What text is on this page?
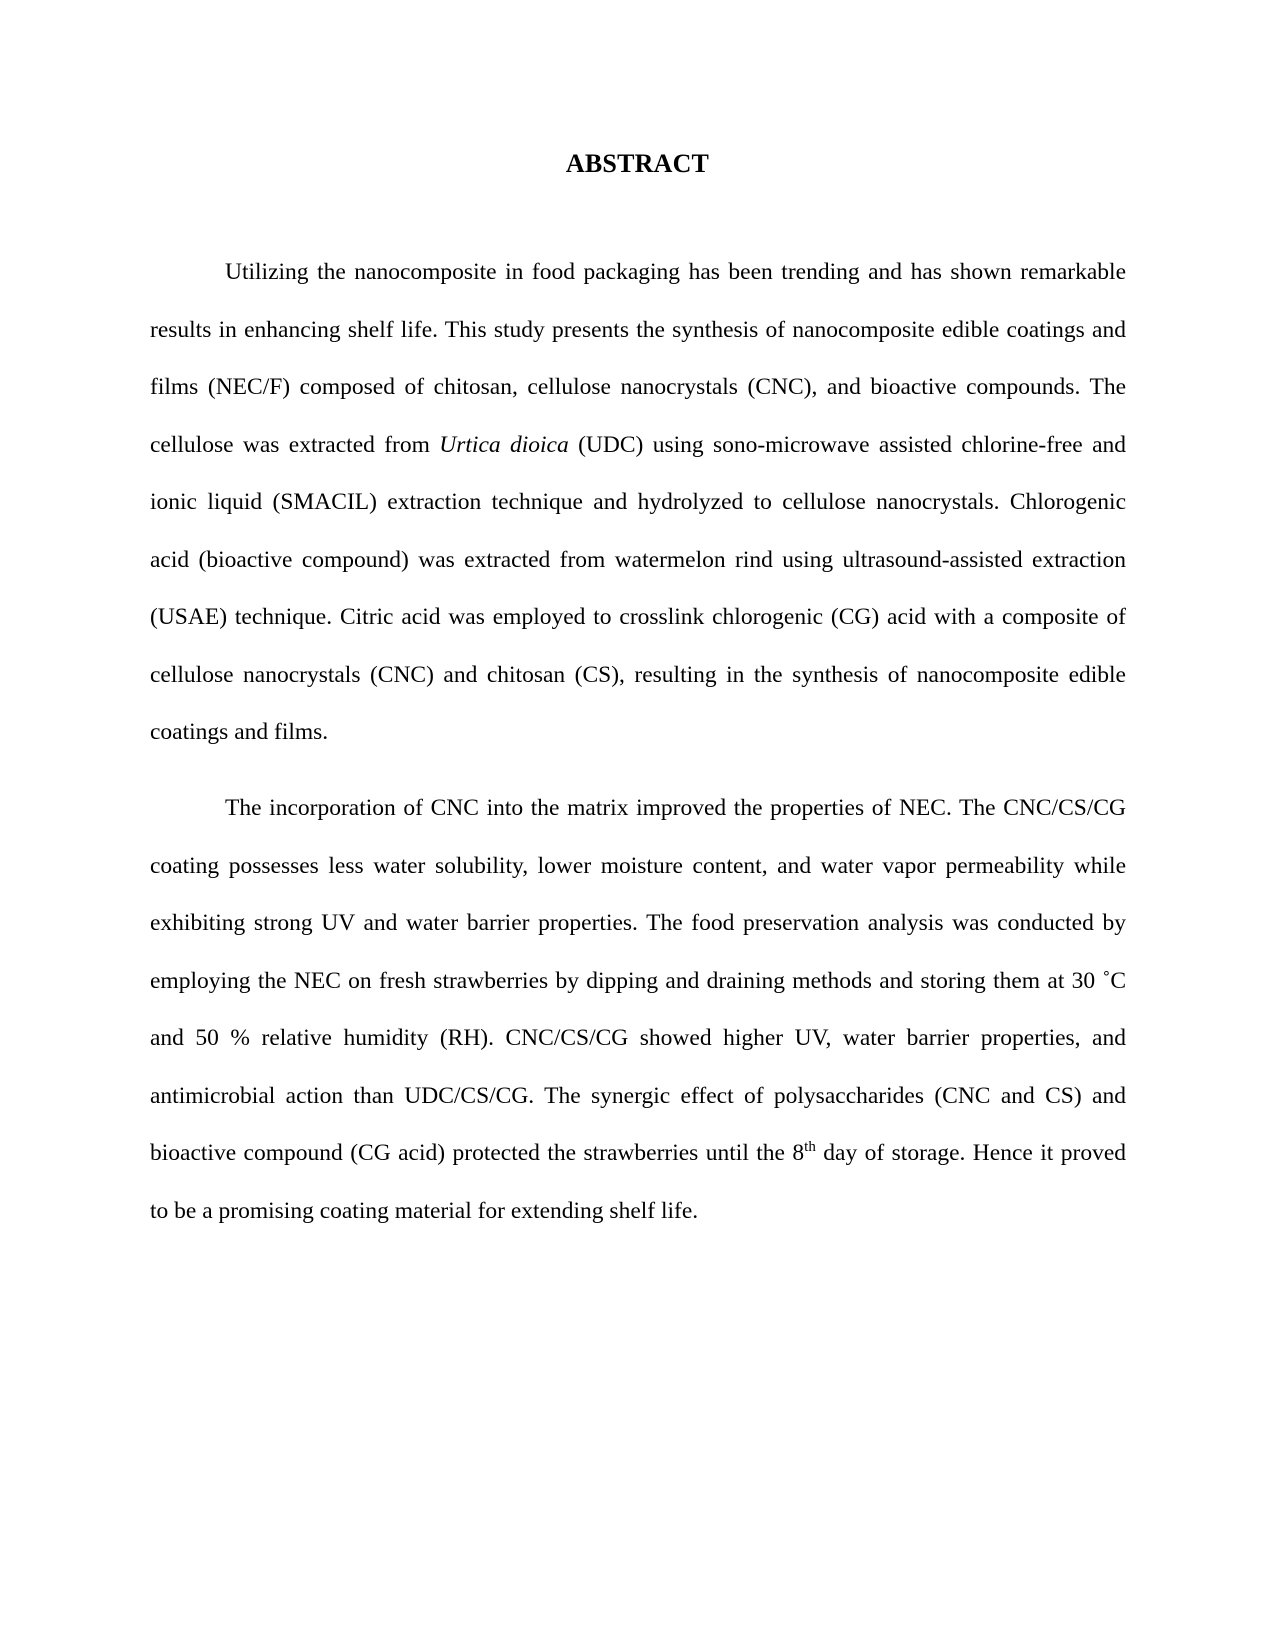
ABSTRACT

Utilizing the nanocomposite in food packaging has been trending and has shown remarkable results in enhancing shelf life. This study presents the synthesis of nanocomposite edible coatings and films (NEC/F) composed of chitosan, cellulose nanocrystals (CNC), and bioactive compounds. The cellulose was extracted from Urtica dioica (UDC) using sono-microwave assisted chlorine-free and ionic liquid (SMACIL) extraction technique and hydrolyzed to cellulose nanocrystals. Chlorogenic acid (bioactive compound) was extracted from watermelon rind using ultrasound-assisted extraction (USAE) technique. Citric acid was employed to crosslink chlorogenic (CG) acid with a composite of cellulose nanocrystals (CNC) and chitosan (CS), resulting in the synthesis of nanocomposite edible coatings and films.

The incorporation of CNC into the matrix improved the properties of NEC. The CNC/CS/CG coating possesses less water solubility, lower moisture content, and water vapor permeability while exhibiting strong UV and water barrier properties. The food preservation analysis was conducted by employing the NEC on fresh strawberries by dipping and draining methods and storing them at 30 ˚C and 50 % relative humidity (RH). CNC/CS/CG showed higher UV, water barrier properties, and antimicrobial action than UDC/CS/CG. The synergic effect of polysaccharides (CNC and CS) and bioactive compound (CG acid) protected the strawberries until the 8th day of storage. Hence it proved to be a promising coating material for extending shelf life.
